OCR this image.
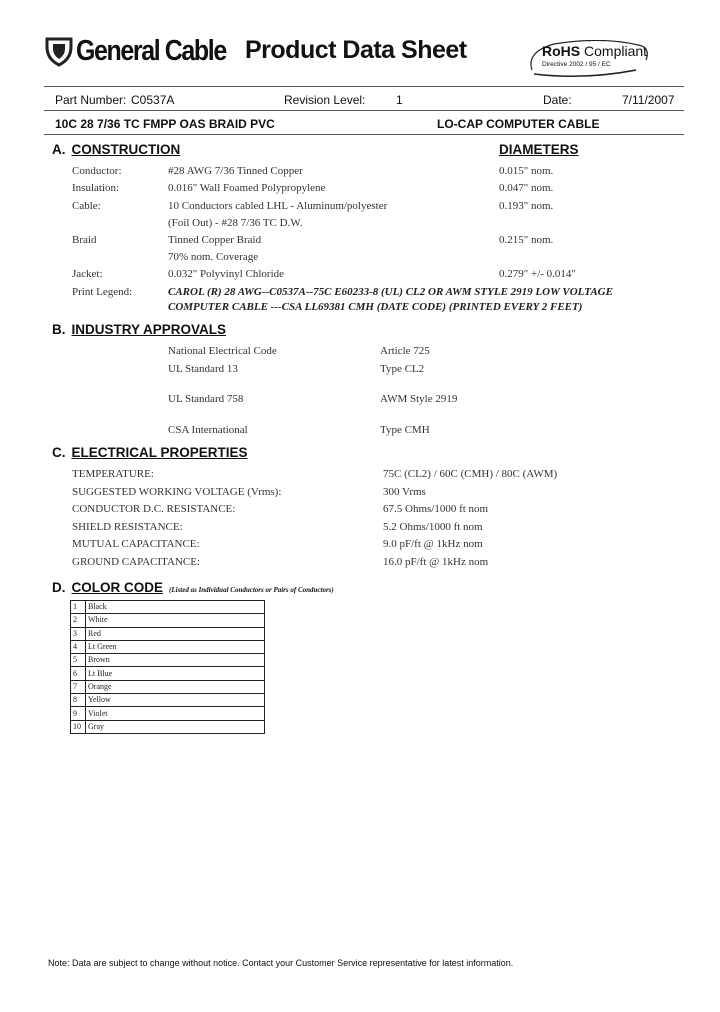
General Cable Product Data Sheet	RoHS Compliant
Directive 2002 / 95 / EC
Part Number: C0537A	Revision Level:	1	Date:	7/11/2007
10C 28 7/36 TC FMPP OAS BRAID PVC	LO-CAP COMPUTER CABLE
A. CONSTRUCTION	DIAMETERS
Conductor:	#28 AWG 7/36 Tinned Copper	0.015" nom.
Insulation:	0.016" Wall Foamed Polypropylene	0.047" nom.
Cable:	10 Conductors cabled LHL - Aluminum/polyester	0.193" nom.
(Foil Out) - #28 7/36 TC D.W.
Braid	Tinned Copper Braid	0.215" nom.
70% nom. Coverage
Jacket:	0.032" Polyvinyl Chloride	0.279" +/- 0.014"
Print Legend:	CAROL (R) 28 AWG--C0537A--75C E60233-8 (UL) CL2 OR AWM STYLE 2919 LOW VOLTAGE
COMPUTER CABLE ---CSA LL69381 CMH (DATE CODE) (PRINTED EVERY 2 FEET)
B. INDUSTRY APPROVALS
National Electrical Code	Article 725
UL Standard 13	Type CL2
UL Standard 758	AWM Style 2919
CSA International	Type CMH
C. ELECTRICAL PROPERTIES
TEMPERATURE:	75C (CL2) / 60C (CMH) / 80C (AWM)
SUGGESTED WORKING VOLTAGE (Vrms):	300 Vrms
CONDUCTOR D.C. RESISTANCE:	67.5 Ohms/1000 ft nom
SHIELD RESISTANCE:	5.2 Ohms/1000 ft nom
MUTUAL CAPACITANCE:	9.0 pF/ft @ 1kHz nom
GROUND CAPACITANCE:	16.0 pF/ft @ 1kHz nom
D. COLOR CODE (Listed as Individual Conductors or Pairs of Conductors)
1	Black
2	White
3	Red
4	Lt Green
5	Brown
6	Lt Blue
7	Orange
8	Yellow
9	Violet
10	Gray
Note: Data are subject to change without notice. Contact your Customer Service representative for latest information.
